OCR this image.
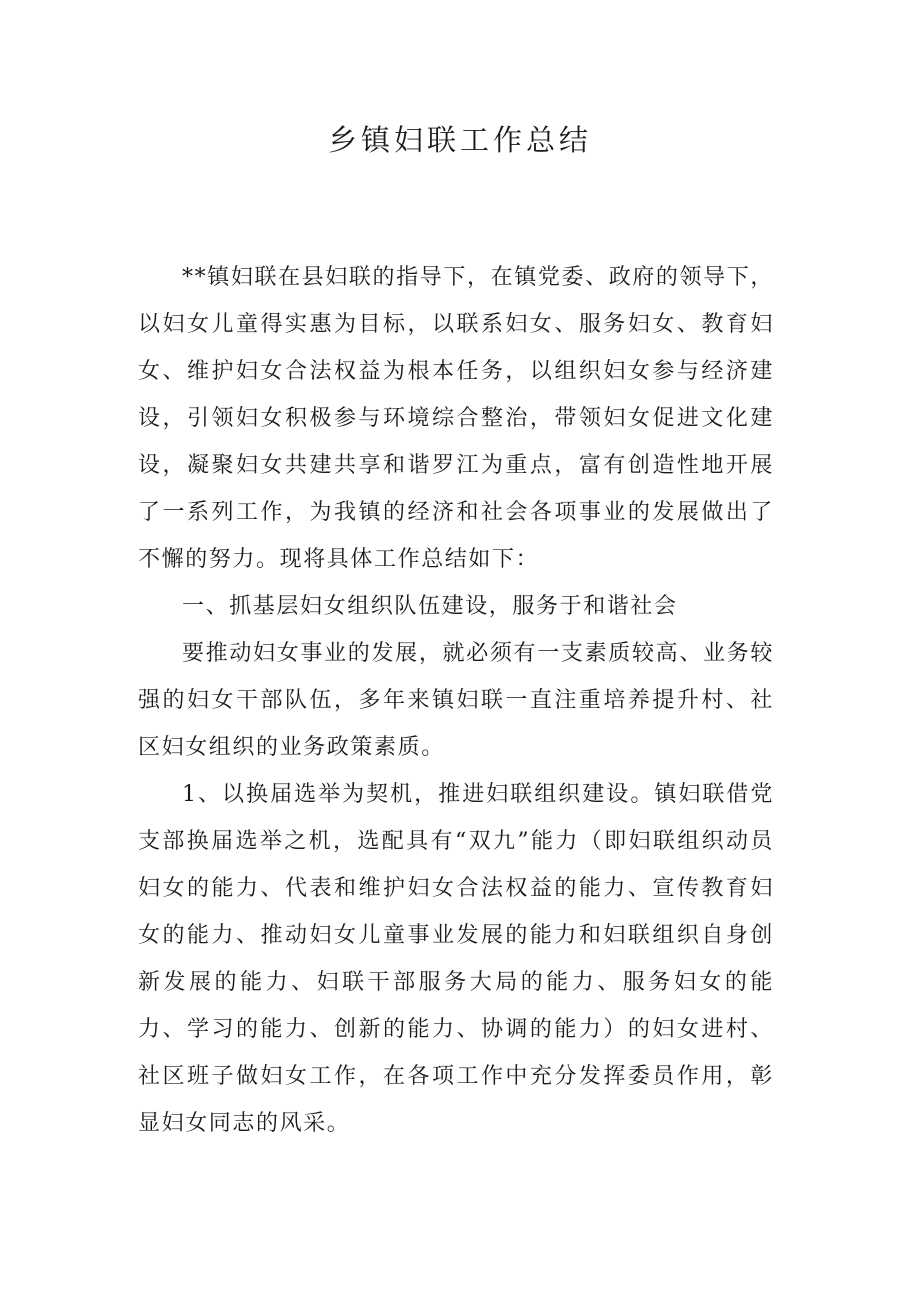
乡镇妇联工作总结

**镇妇联在县妇联的指导下，在镇党委、政府的领导下，以妇女儿童得实惠为目标，以联系妇女、服务妇女、教育妇女、维护妇女合法权益为根本任务，以组织妇女参与经济建设，引领妇女积极参与环境综合整治，带领妇女促进文化建设，凝聚妇女共建共享和谐罗江为重点，富有创造性地开展了一系列工作，为我镇的经济和社会各项事业的发展做出了不懈的努力。现将具体工作总结如下：

一、抓基层妇女组织队伍建设，服务于和谐社会

要推动妇女事业的发展，就必须有一支素质较高、业务较强的妇女干部队伍，多年来镇妇联一直注重培养提升村、社区妇女组织的业务政策素质。

1、以换届选举为契机，推进妇联组织建设。镇妇联借党支部换届选举之机，选配具有“双九”能力（即妇联组织动员妇女的能力、代表和维护妇女合法权益的能力、宣传教育妇女的能力、推动妇女儿童事业发展的能力和妇联组织自身创新发展的能力、妇联干部服务大局的能力、服务妇女的能力、学习的能力、创新的能力、协调的能力）的妇女进村、社区班子做妇女工作，在各项工作中充分发挥委员作用，彰显妇女同志的风采。
